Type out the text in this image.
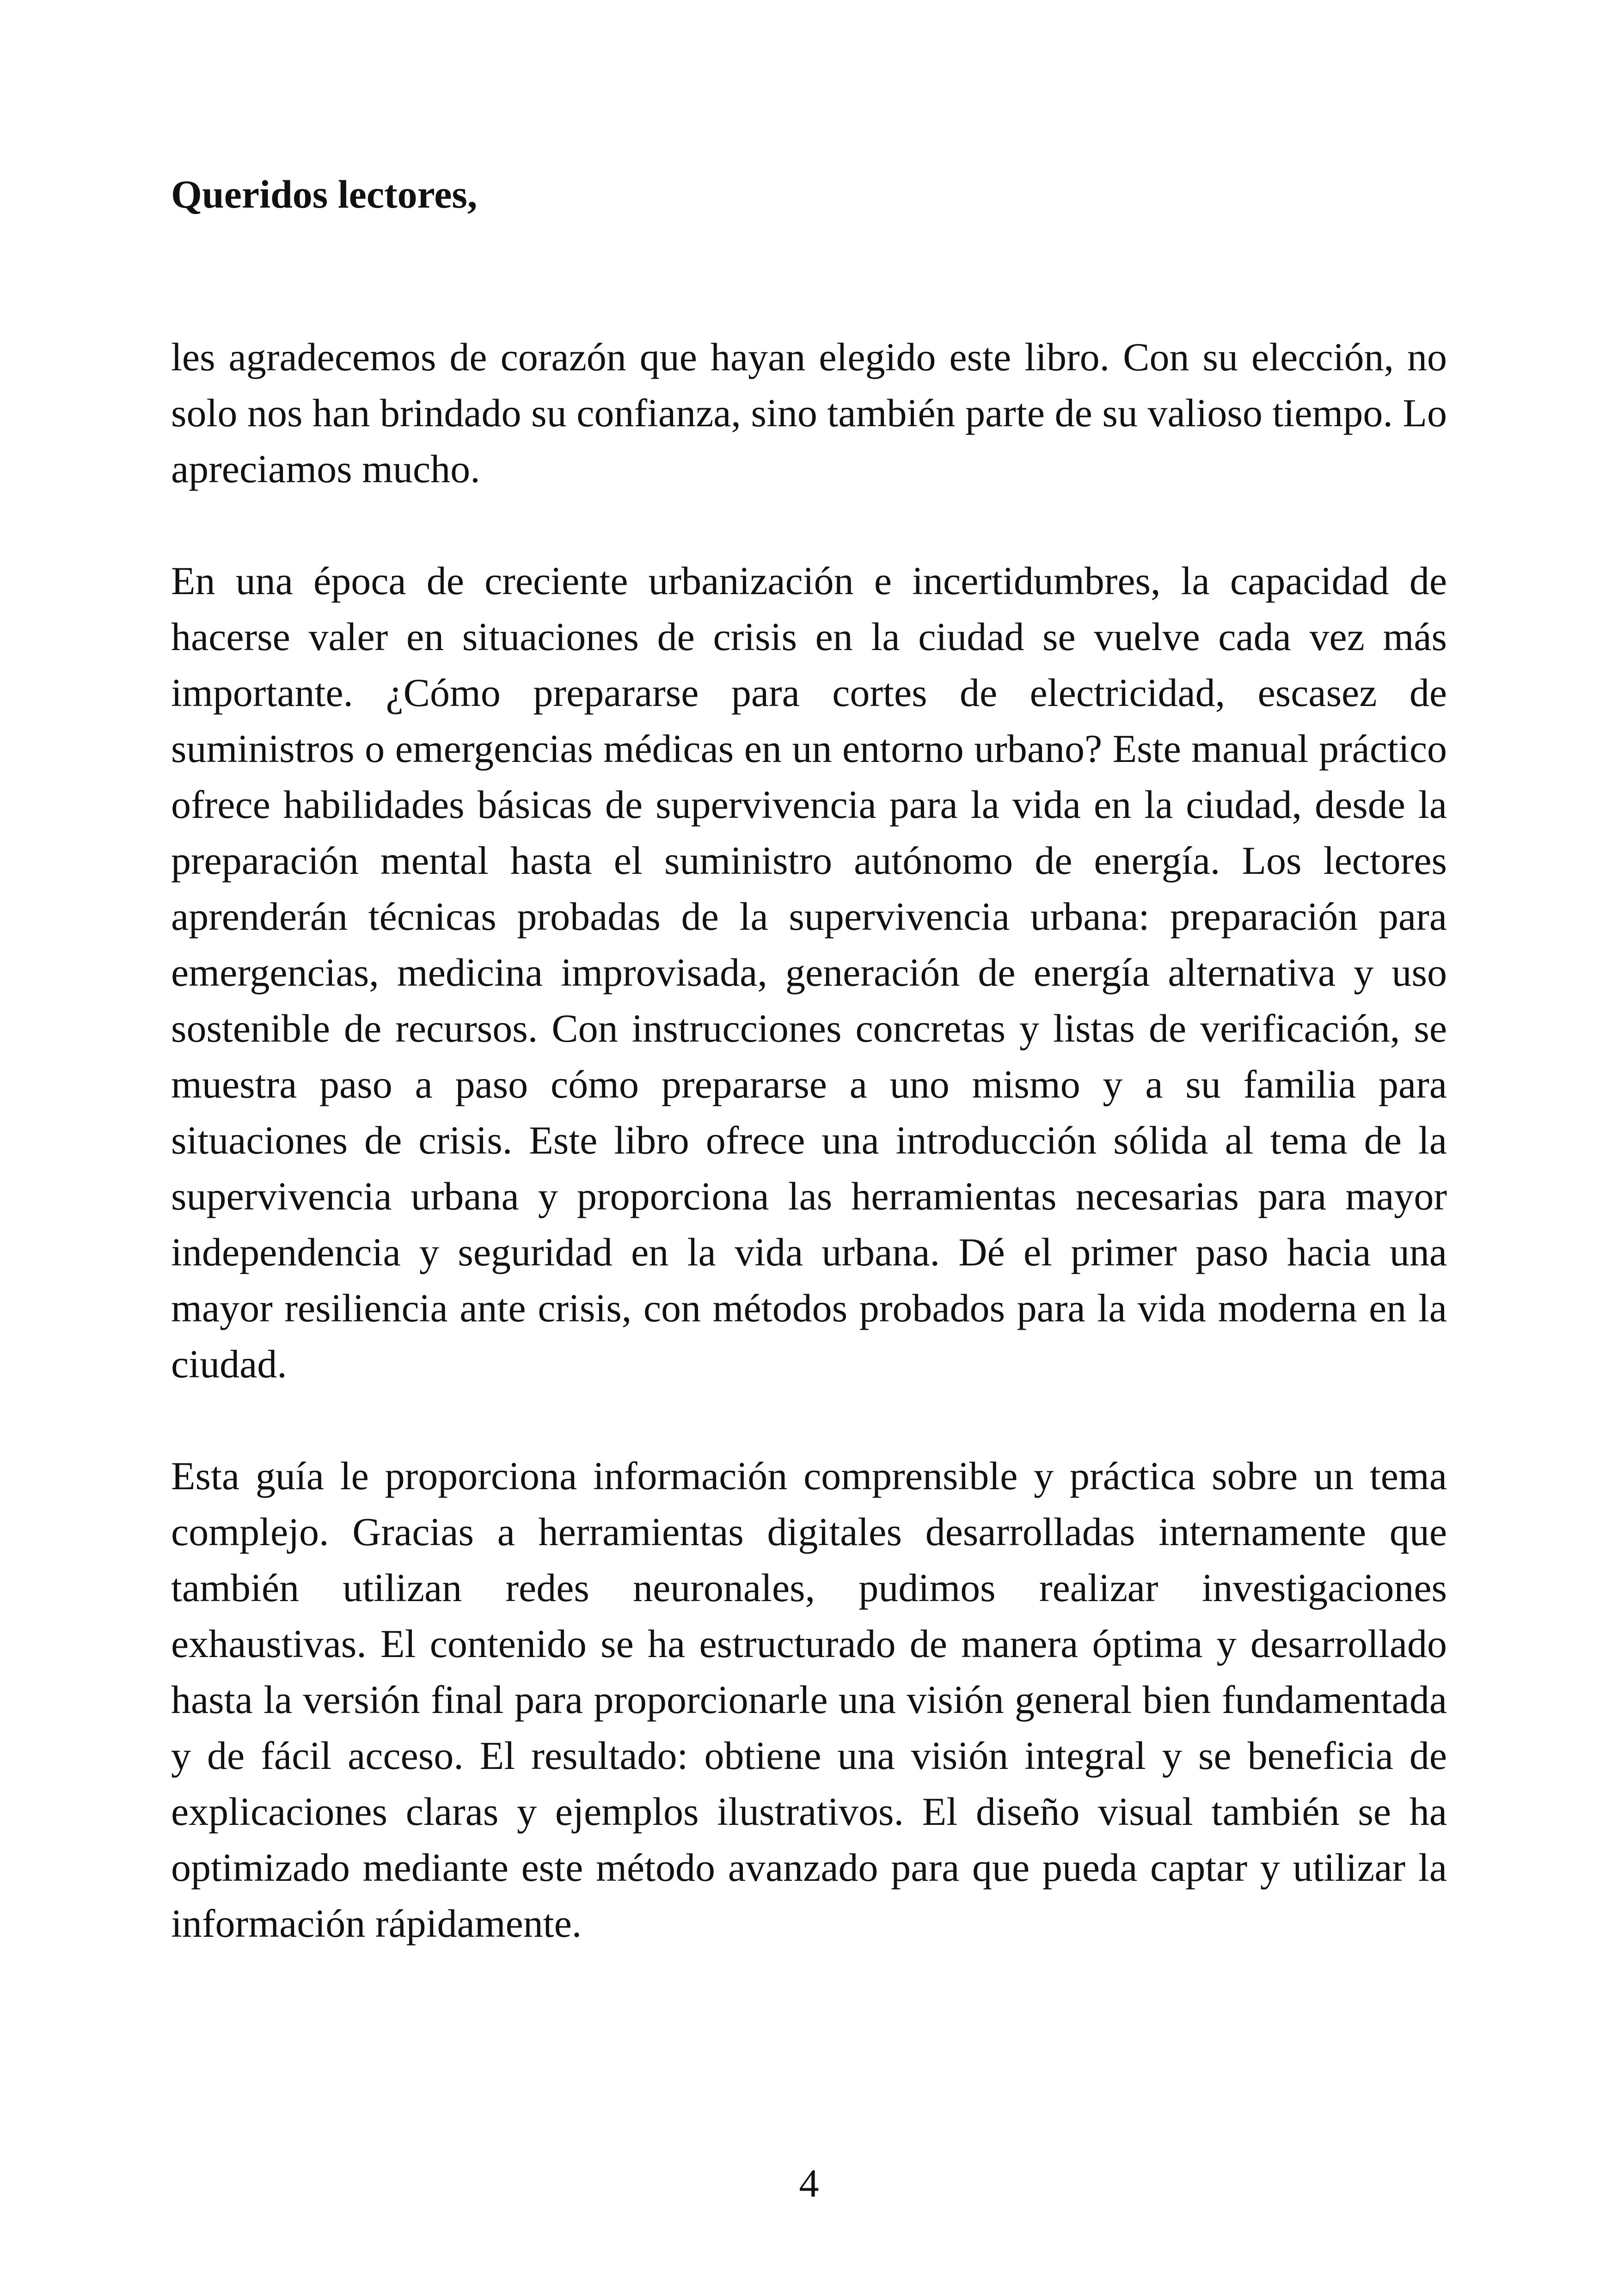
Queridos lectores,

les agradecemos de corazón que hayan elegido este libro. Con su elección, no solo nos han brindado su confianza, sino también parte de su valioso tiempo. Lo apreciamos mucho.

En una época de creciente urbanización e incertidumbres, la capacidad de hacerse valer en situaciones de crisis en la ciudad se vuelve cada vez más importante. ¿Cómo prepararse para cortes de electricidad, escasez de suministros o emergencias médicas en un entorno urbano? Este manual práctico ofrece habilidades básicas de supervivencia para la vida en la ciudad, desde la preparación mental hasta el suministro autónomo de energía. Los lectores aprenderán técnicas probadas de la supervivencia urbana: preparación para emergencias, medicina improvisada, generación de energía alternativa y uso sostenible de recursos. Con instrucciones concretas y listas de verificación, se muestra paso a paso cómo prepararse a uno mismo y a su familia para situaciones de crisis. Este libro ofrece una introducción sólida al tema de la supervivencia urbana y proporciona las herramientas necesarias para mayor independencia y seguridad en la vida urbana. Dé el primer paso hacia una mayor resiliencia ante crisis, con métodos probados para la vida moderna en la ciudad.

Esta guía le proporciona información comprensible y práctica sobre un tema complejo. Gracias a herramientas digitales desarrolladas internamente que también utilizan redes neuronales, pudimos realizar investigaciones exhaustivas. El contenido se ha estructurado de manera óptima y desarrollado hasta la versión final para proporcionarle una visión general bien fundamentada y de fácil acceso. El resultado: obtiene una visión integral y se beneficia de explicaciones claras y ejemplos ilustrativos. El diseño visual también se ha optimizado mediante este método avanzado para que pueda captar y utilizar la información rápidamente.

4
